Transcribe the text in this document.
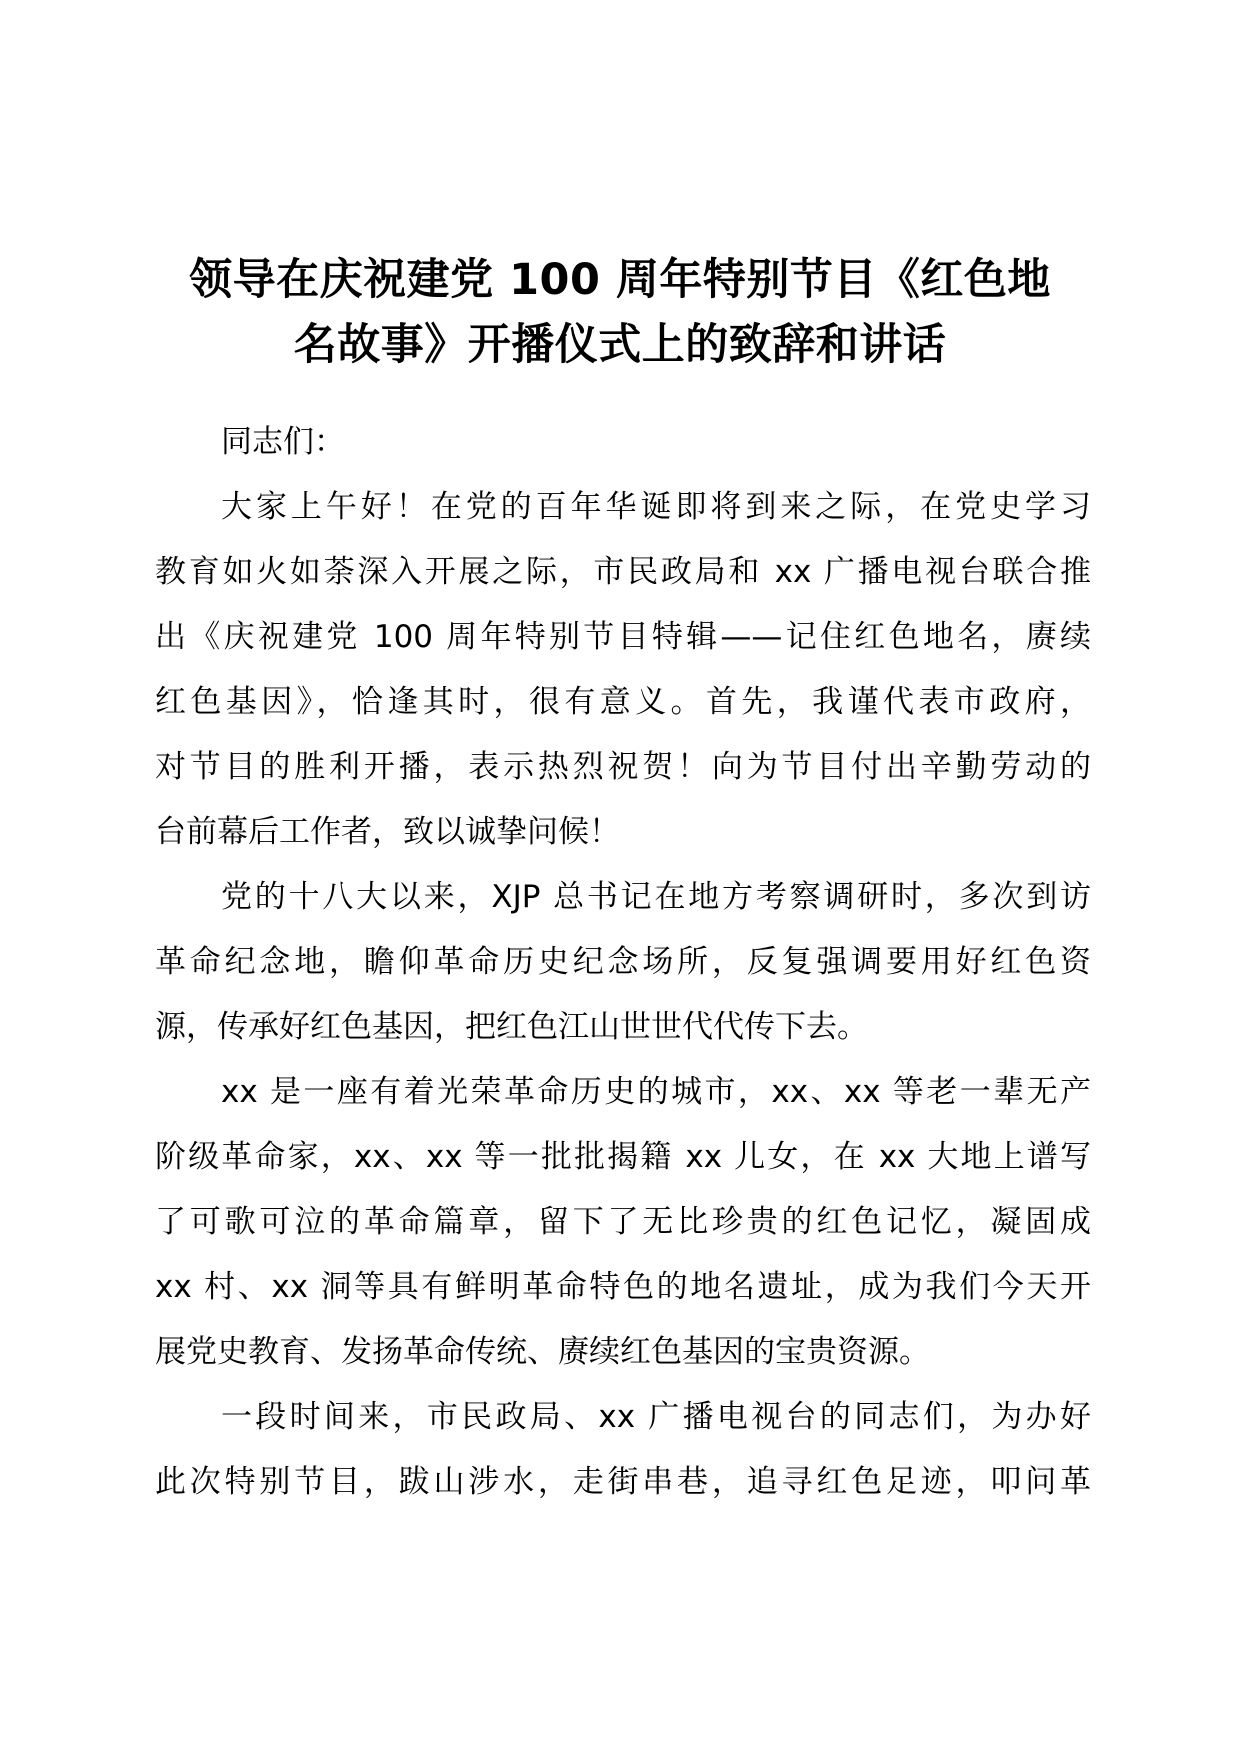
领导在庆祝建党 100 周年特别节目《红色地
名故事》开播仪式上的致辞和讲话

同志们：

大家上午好！在党的百年华诞即将到来之际，在党史学习
教育如火如荼深入开展之际，市民政局和 xx 广播电视台联合推
出《庆祝建党 100 周年特别节目特辑——记住红色地名，赓续
红色基因》，恰逢其时，很有意义。首先，我谨代表市政府，
对节目的胜利开播，表示热烈祝贺！向为节目付出辛勤劳动的
台前幕后工作者，致以诚挚问候！

党的十八大以来，XJP 总书记在地方考察调研时，多次到访
革命纪念地，瞻仰革命历史纪念场所，反复强调要用好红色资
源，传承好红色基因，把红色江山世世代代传下去。

xx 是一座有着光荣革命历史的城市，xx、xx 等老一辈无产
阶级革命家，xx、xx 等一批批揭籍 xx 儿女，在 xx 大地上谱写
了可歌可泣的革命篇章，留下了无比珍贵的红色记忆，凝固成
xx 村、xx 洞等具有鲜明革命特色的地名遗址，成为我们今天开
展党史教育、发扬革命传统、赓续红色基因的宝贵资源。

一段时间来，市民政局、xx 广播电视台的同志们，为办好
此次特别节目，跋山涉水，走街串巷，追寻红色足迹，叩问革
